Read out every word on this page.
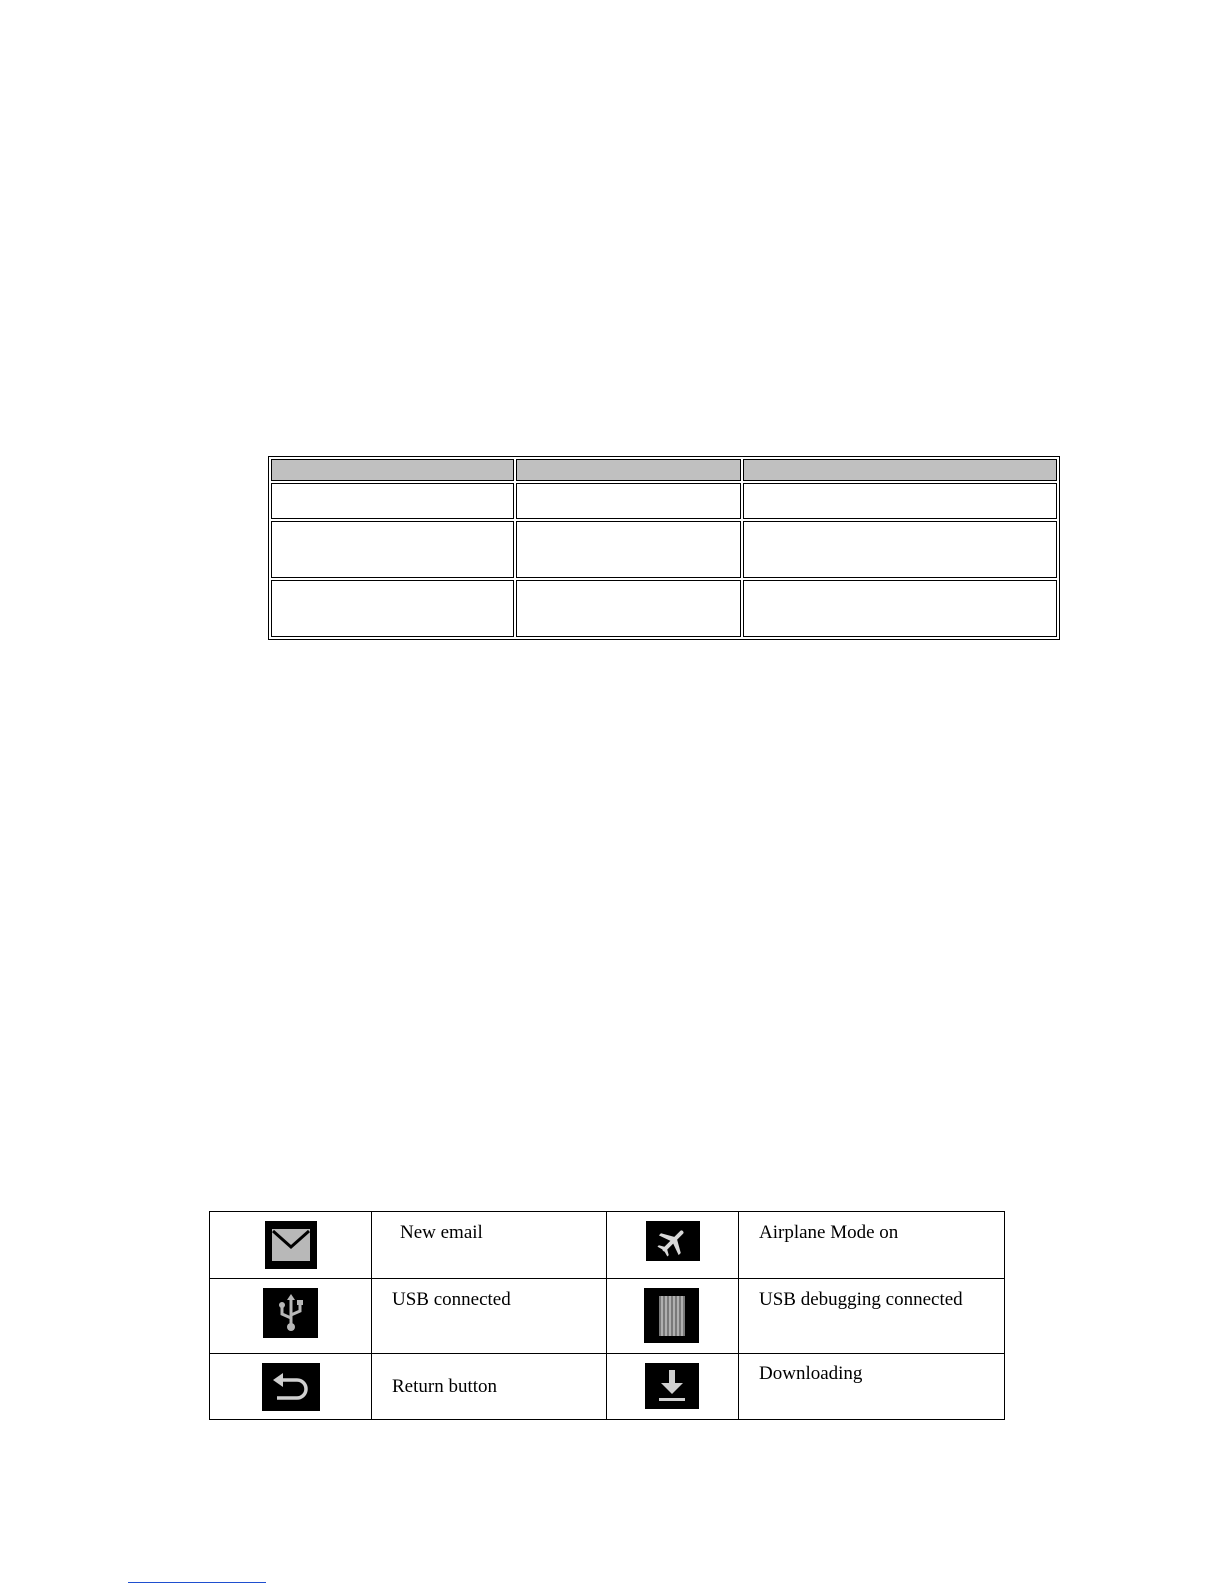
New email		Airplane Mode on

USB connected		USB debugging connected

Return button		Downloading
